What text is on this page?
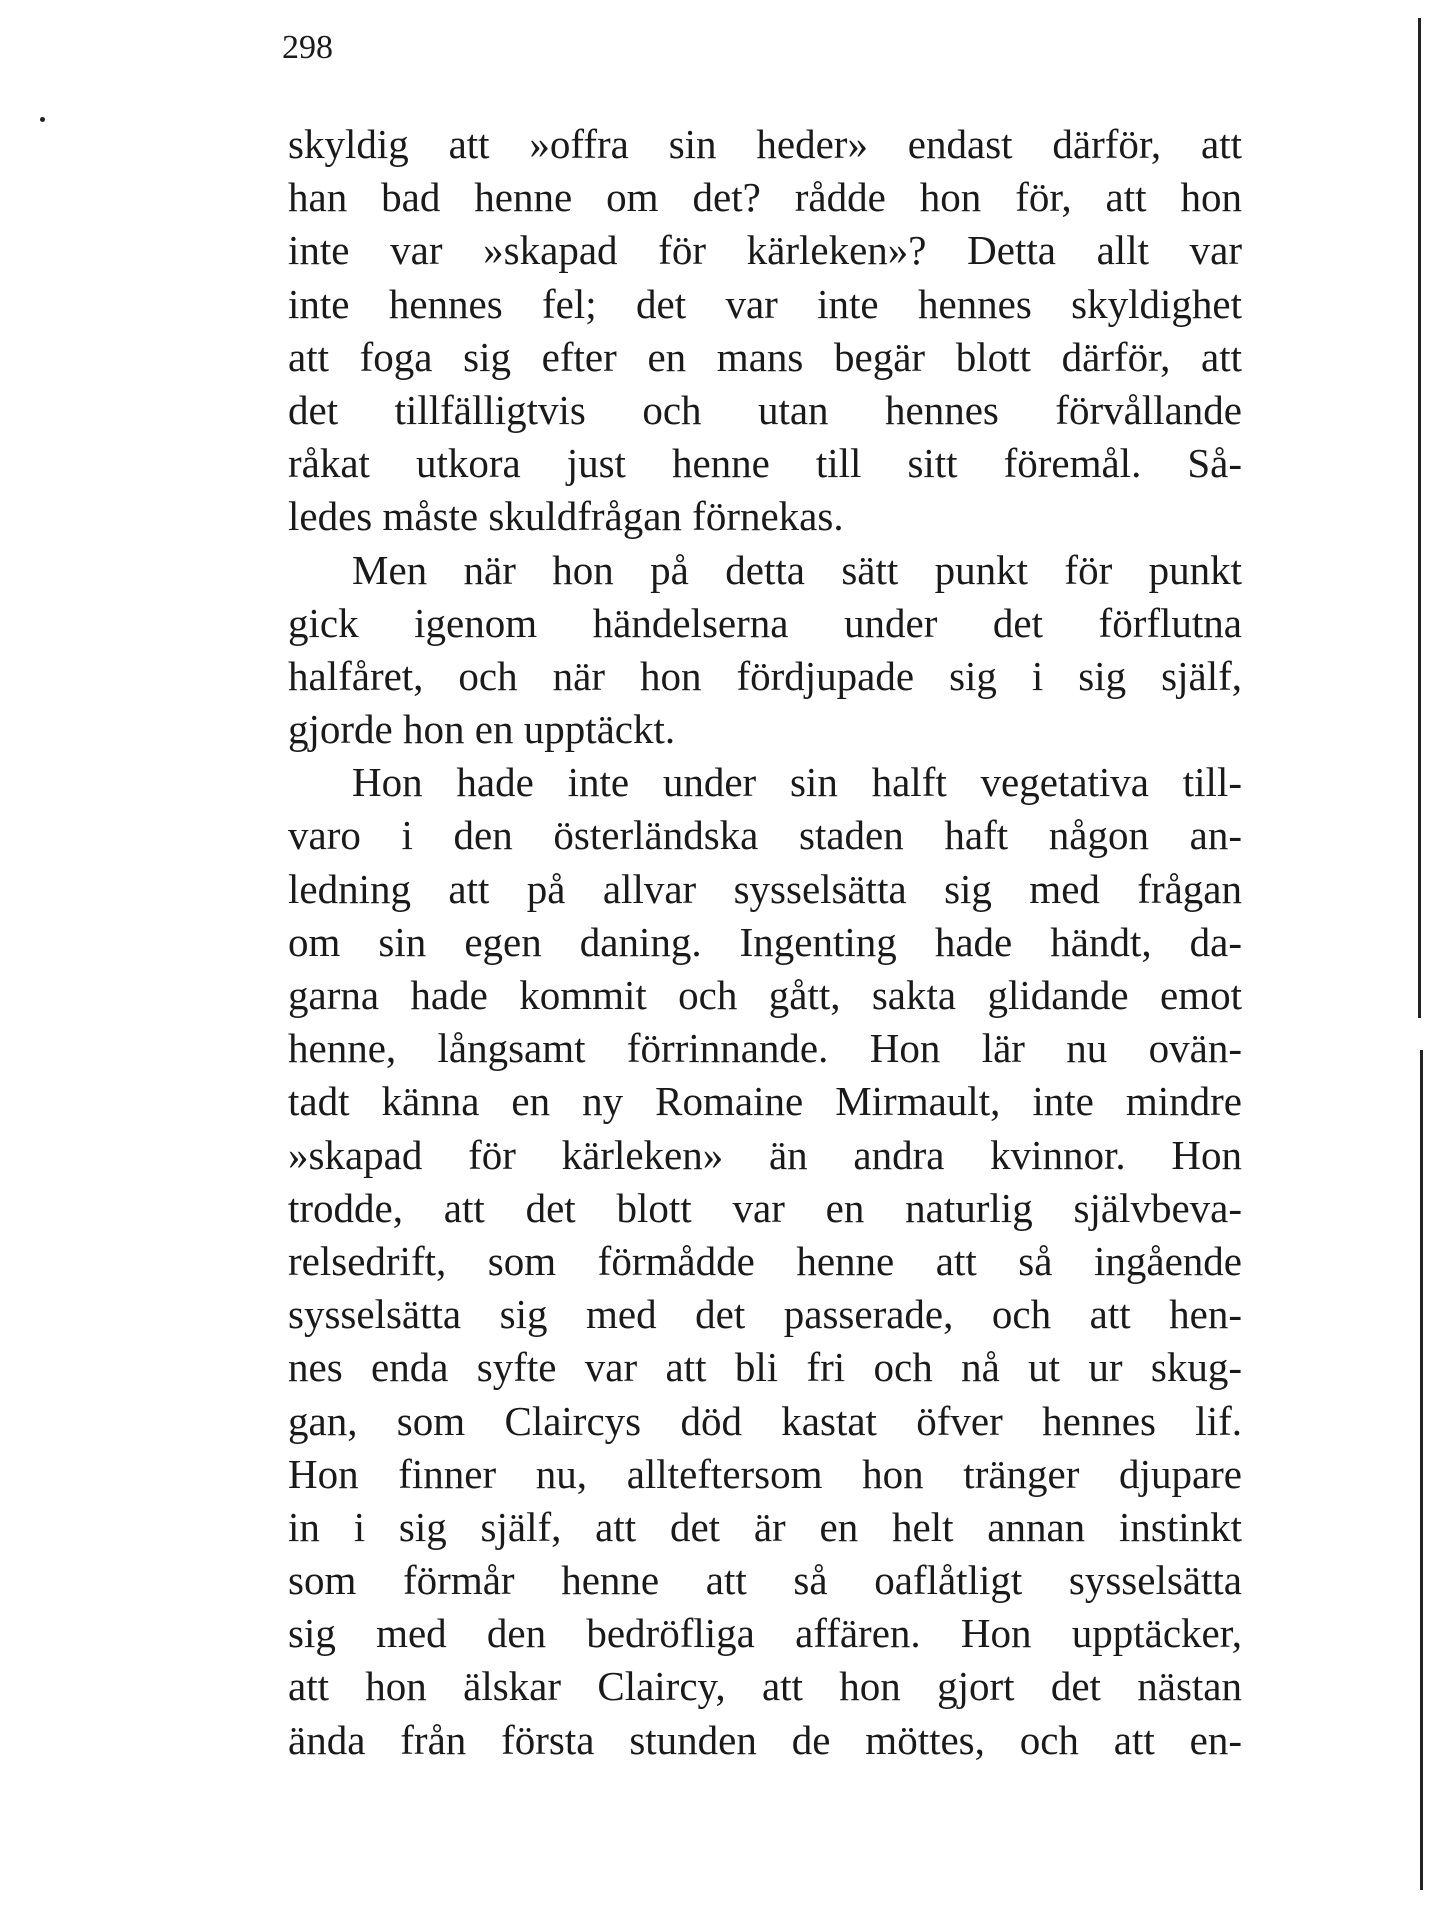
298
skyldig att »offra sin heder» endast därför, att
han bad henne om det? rådde hon för, att hon
inte var »skapad för kärleken»? Detta allt var
inte hennes fel; det var inte hennes skyldighet
att foga sig efter en mans begär blott därför, att
det tillfälligtvis och utan hennes förvållande
råkat utkora just henne till sitt föremål. Så-
ledes måste skuldfrågan förnekas.
Men när hon på detta sätt punkt för punkt
gick igenom händelserna under det förflutna
halfåret, och när hon fördjupade sig i sig själf,
gjorde hon en upptäckt.
Hon hade inte under sin halft vegetativa till-
varo i den österländska staden haft någon an-
ledning att på allvar sysselsätta sig med frågan
om sin egen daning. Ingenting hade händt, da-
garna hade kommit och gått, sakta glidande emot
henne, långsamt förrinnande. Hon lär nu ovän-
tadt känna en ny Romaine Mirmault, inte mindre
»skapad för kärleken» än andra kvinnor. Hon
trodde, att det blott var en naturlig självbeva-
relsedrift, som förmådde henne att så ingående
sysselsätta sig med det passerade, och att hen-
nes enda syfte var att bli fri och nå ut ur skug-
gan, som Claircys död kastat öfver hennes lif.
Hon finner nu, allteftersom hon tränger djupare
in i sig själf, att det är en helt annan instinkt
som förmår henne att så oaflåtligt sysselsätta
sig med den bedröfliga affären. Hon upptäcker,
att hon älskar Claircy, att hon gjort det nästan
ända från första stunden de möttes, och att en-
